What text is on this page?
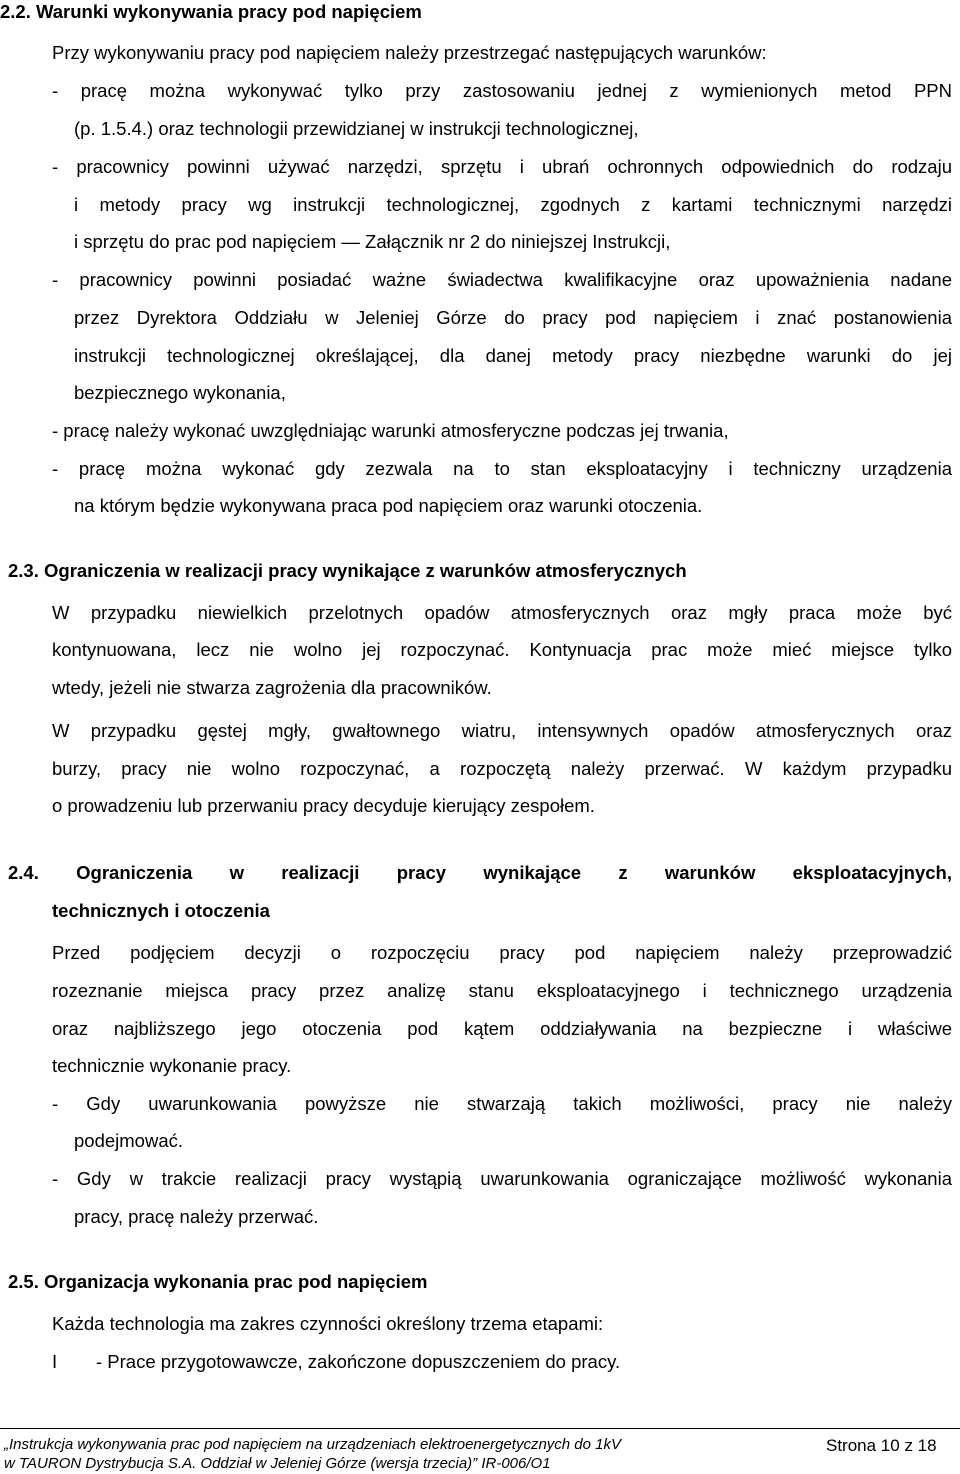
2.2. Warunki wykonywania pracy pod napięciem
Przy wykonywaniu pracy pod napięciem należy przestrzegać następujących warunków:
- pracę można wykonywać tylko przy zastosowaniu jednej z wymienionych metod PPN
(p. 1.5.4.) oraz technologii przewidzianej w instrukcji technologicznej,
- pracownicy powinni używać narzędzi, sprzętu i ubrań ochronnych odpowiednich do rodzaju
i metody pracy wg instrukcji technologicznej, zgodnych z kartami technicznymi narzędzi
i sprzętu do prac pod napięciem — Załącznik nr 2 do niniejszej Instrukcji,
- pracownicy powinni posiadać ważne świadectwa kwalifikacyjne oraz upoważnienia nadane
przez Dyrektora Oddziału w Jeleniej Górze do pracy pod napięciem i znać postanowienia
instrukcji technologicznej określającej, dla danej metody pracy niezbędne warunki do jej
bezpiecznego wykonania,
- pracę należy wykonać uwzględniając warunki atmosferyczne podczas jej trwania,
- pracę można wykonać gdy zezwala na to stan eksploatacyjny i techniczny urządzenia
na którym będzie wykonywana praca pod napięciem oraz warunki otoczenia.
2.3. Ograniczenia w realizacji pracy wynikające z warunków atmosferycznych
W przypadku niewielkich przelotnych opadów atmosferycznych oraz mgły praca może być
kontynuowana, lecz nie wolno jej rozpoczynać. Kontynuacja prac może mieć miejsce tylko
wtedy, jeżeli nie stwarza zagrożenia dla pracowników.
W przypadku gęstej mgły, gwałtownego wiatru, intensywnych opadów atmosferycznych oraz
burzy, pracy nie wolno rozpoczynać, a rozpoczętą należy przerwać. W każdym przypadku
o prowadzeniu lub przerwaniu pracy decyduje kierujący zespołem.
2.4. Ograniczenia w realizacji pracy wynikające z warunków eksploatacyjnych,
technicznych i otoczenia
Przed podjęciem decyzji o rozpoczęciu pracy pod napięciem należy przeprowadzić
rozeznanie miejsca pracy przez analizę stanu eksploatacyjnego i technicznego urządzenia
oraz najbliższego jego otoczenia pod kątem oddziaływania na bezpieczne i właściwe
technicznie wykonanie pracy.
- Gdy uwarunkowania powyższe nie stwarzają takich możliwości, pracy nie należy
podejmować.
- Gdy w trakcie realizacji pracy wystąpią uwarunkowania ograniczające możliwość wykonania
pracy, pracę należy przerwać.
2.5. Organizacja wykonania prac pod napięciem
Każda technologia ma zakres czynności określony trzema etapami:
I - Prace przygotowawcze, zakończone dopuszczeniem do pracy.
„Instrukcja wykonywania prac pod napięciem na urządzeniach elektroenergetycznych do 1kV
w TAURON Dystrybucja S.A. Oddział w Jeleniej Górze (wersja trzecia)” IR-006/O1
Strona 10 z 18
